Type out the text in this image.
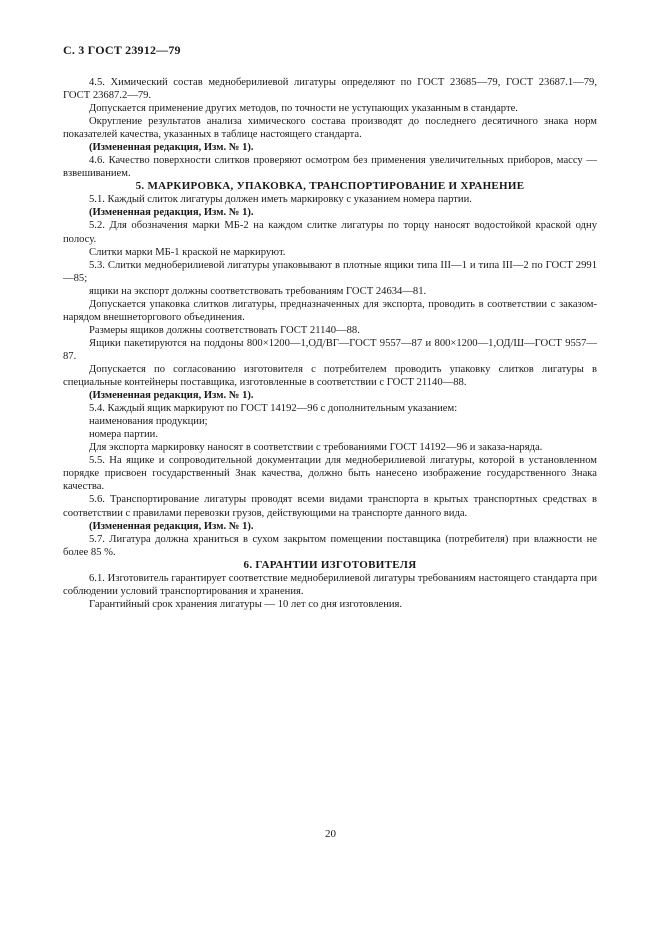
С. 3 ГОСТ 23912—79

4.5. Химический состав медноберилиевой лигатуры определяют по ГОСТ 23685—79, ГОСТ 23687.1—79, ГОСТ 23687.2—79.

Допускается применение других методов, по точности не уступающих указанным в стандарте.

Округление результатов анализа химического состава производят до последнего десятичного знака норм показателей качества, указанных в таблице настоящего стандарта.

(Измененная редакция, Изм. № 1).

4.6. Качество поверхности слитков проверяют осмотром без применения увеличительных приборов, массу — взвешиванием.

5. МАРКИРОВКА, УПАКОВКА, ТРАНСПОРТИРОВАНИЕ И ХРАНЕНИЕ

5.1. Каждый слиток лигатуры должен иметь маркировку с указанием номера партии.

(Измененная редакция, Изм. № 1).

5.2. Для обозначения марки МБ-2 на каждом слитке лигатуры по торцу наносят водостойкой краской одну полосу.

Слитки марки МБ-1 краской не маркируют.

5.3. Слитки медноберилиевой лигатуры упаковывают в плотные ящики типа III—1 и типа III—2 по ГОСТ 2991—85;

ящики на экспорт должны соответствовать требованиям ГОСТ 24634—81.

Допускается упаковка слитков лигатуры, предназначенных для экспорта, проводить в соответствии с заказом-нарядом внешнеторгового объединения.

Размеры ящиков должны соответствовать ГОСТ 21140—88.

Ящики пакетируются на поддоны 800×1200—1,ОД/ВГ—ГОСТ 9557—87 и 800×1200—1,ОД/Ш—ГОСТ 9557—87.

Допускается по согласованию изготовителя с потребителем проводить упаковку слитков лигатуры в специальные контейнеры поставщика, изготовленные в соответствии с ГОСТ 21140—88.

(Измененная редакция, Изм. № 1).

5.4. Каждый ящик маркируют по ГОСТ 14192—96 с дополнительным указанием:

наименования продукции;

номера партии.

Для экспорта маркировку наносят в соответствии с требованиями ГОСТ 14192—96 и заказа-наряда.

5.5. На ящике и сопроводительной документации для медноберилиевой лигатуры, которой в установленном порядке присвоен государственный Знак качества, должно быть нанесено изображение государственного Знака качества.

5.6. Транспортирование лигатуры проводят всеми видами транспорта в крытых транспортных средствах в соответствии с правилами перевозки грузов, действующими на транспорте данного вида.

(Измененная редакция, Изм. № 1).

5.7. Лигатура должна храниться в сухом закрытом помещении поставщика (потребителя) при влажности не более 85 %.

6. ГАРАНТИИ ИЗГОТОВИТЕЛЯ

6.1. Изготовитель гарантирует соответствие медноберилиевой лигатуры требованиям настоящего стандарта при соблюдении условий транспортирования и хранения.

Гарантийный срок хранения лигатуры — 10 лет со дня изготовления.

20
